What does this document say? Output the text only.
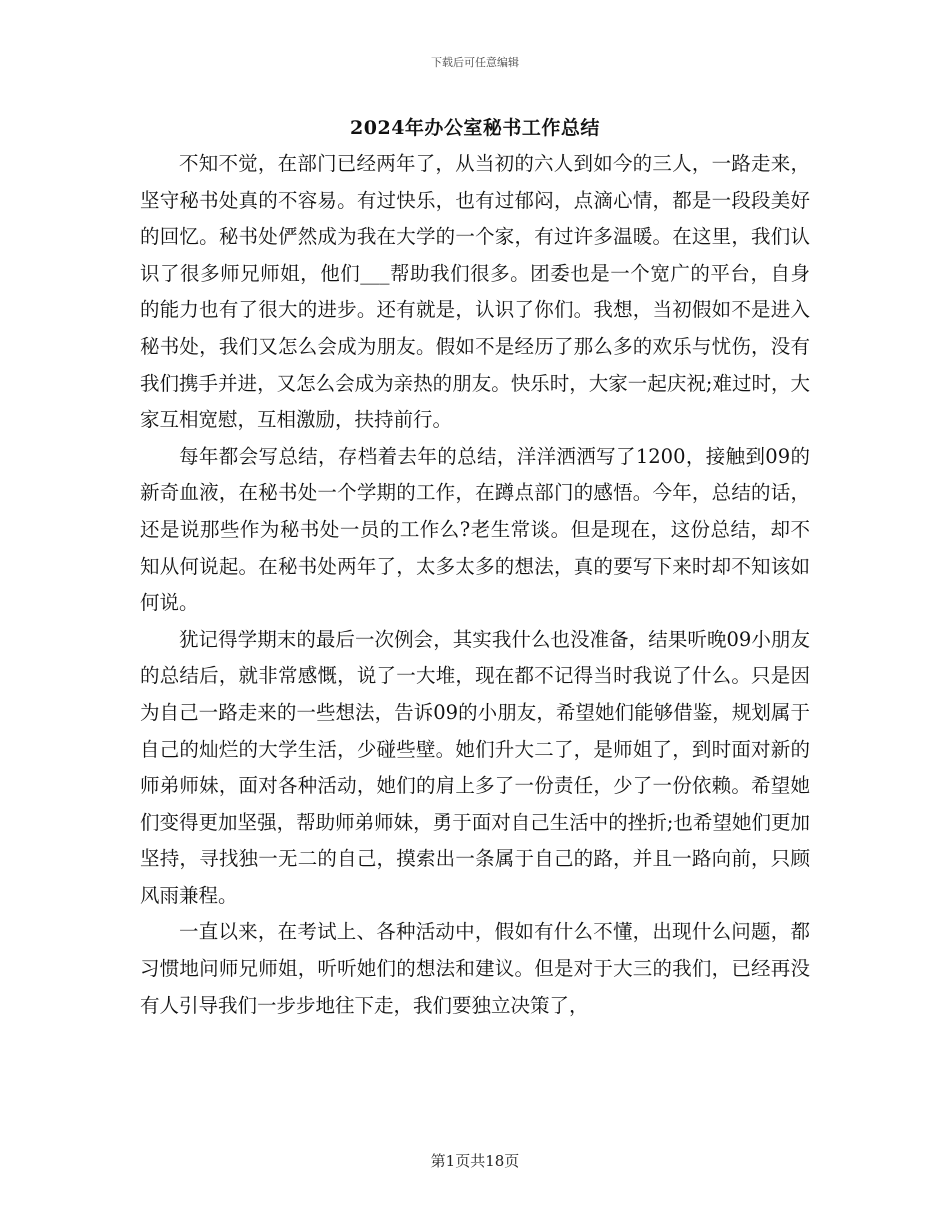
下载后可任意编辑
2024年办公室秘书工作总结

不知不觉，在部门已经两年了，从当初的六人到如今的三人，一路走来，坚守秘书处真的不容易。有过快乐，也有过郁闷，点滴心情，都是一段段美好的回忆。秘书处俨然成为我在大学的一个家，有过许多温暖。在这里，我们认识了很多师兄师姐，他们___帮助我们很多。团委也是一个宽广的平台，自身的能力也有了很大的进步。还有就是，认识了你们。我想，当初假如不是进入秘书处，我们又怎么会成为朋友。假如不是经历了那么多的欢乐与忧伤，没有我们携手并进，又怎么会成为亲热的朋友。快乐时，大家一起庆祝;难过时，大家互相宽慰，互相激励，扶持前行。

每年都会写总结，存档着去年的总结，洋洋洒洒写了1200，接触到09的新奇血液，在秘书处一个学期的工作，在蹲点部门的感悟。今年，总结的话，还是说那些作为秘书处一员的工作么?老生常谈。但是现在，这份总结，却不知从何说起。在秘书处两年了，太多太多的想法，真的要写下来时却不知该如何说。

犹记得学期末的最后一次例会，其实我什么也没准备，结果听晚09小朋友的总结后，就非常感慨，说了一大堆，现在都不记得当时我说了什么。只是因为自己一路走来的一些想法，告诉09的小朋友，希望她们能够借鉴，规划属于自己的灿烂的大学生活，少碰些壁。她们升大二了，是师姐了，到时面对新的师弟师妹，面对各种活动，她们的肩上多了一份责任，少了一份依赖。希望她们变得更加坚强，帮助师弟师妹，勇于面对自己生活中的挫折;也希望她们更加坚持，寻找独一无二的自己，摸索出一条属于自己的路，并且一路向前，只顾风雨兼程。

一直以来，在考试上、各种活动中，假如有什么不懂，出现什么问题，都习惯地问师兄师姐，听听她们的想法和建议。但是对于大三的我们，已经再没有人引导我们一步步地往下走，我们要独立决策了，

第1页共18页
